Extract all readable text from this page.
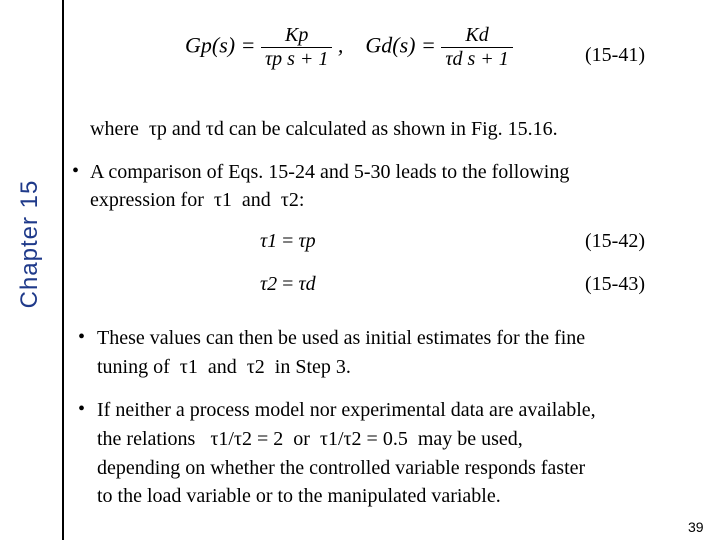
Chapter 15
$Gp(s) = \frac{Kp}{\text{τp s + 1}}$ , $Gd(s) = \frac{Kd}{\text{τd s + 1}}$	(15-41)
where τp and τd can be calculated as shown in Fig. 15.16.
• A comparison of Eqs. 15-24 and 5-30 leads to the following
expression for τ1 and τ2:
τ1 = τp	(15-42)
τ2 = τd	(15-43)
• These values can then be used as initial estimates for the fine
tuning of τ1 and τ2 in Step 3.
• If neither a process model nor experimental data are available,
the relations τ1/τ2 = 2 or τ1/τ2 = 0.5 may be used,
depending on whether the controlled variable responds faster
to the load variable or to the manipulated variable.
39
